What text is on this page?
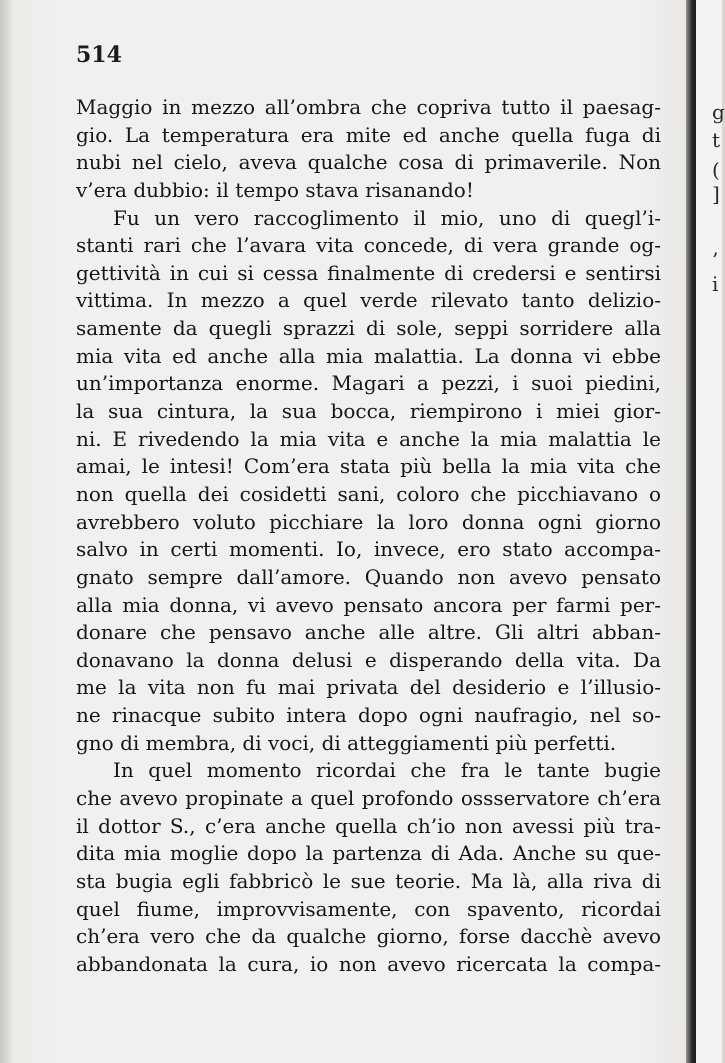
514
Maggio in mezzo all’ombra che copriva tutto il paesag-
gio. La temperatura era mite ed anche quella fuga di
nubi nel cielo, aveva qualche cosa di primaverile. Non
v’era dubbio: il tempo stava risanando!
Fu un vero raccoglimento il mio, uno di quegl’i-
stanti rari che l’avara vita concede, di vera grande og-
gettività in cui si cessa finalmente di credersi e sentirsi
vittima. In mezzo a quel verde rilevato tanto delizio-
samente da quegli sprazzi di sole, seppi sorridere alla
mia vita ed anche alla mia malattia. La donna vi ebbe
un’importanza enorme. Magari a pezzi, i suoi piedini,
la sua cintura, la sua bocca, riempirono i miei gior-
ni. E rivedendo la mia vita e anche la mia malattia le
amai, le intesi! Com’era stata più bella la mia vita che
non quella dei cosidetti sani, coloro che picchiavano o
avrebbero voluto picchiare la loro donna ogni giorno
salvo in certi momenti. Io, invece, ero stato accompa-
gnato sempre dall’amore. Quando non avevo pensato
alla mia donna, vi avevo pensato ancora per farmi per-
donare che pensavo anche alle altre. Gli altri abban-
donavano la donna delusi e disperando della vita. Da
me la vita non fu mai privata del desiderio e l’illusio-
ne rinacque subito intera dopo ogni naufragio, nel so-
gno di membra, di voci, di atteggiamenti più perfetti.
In quel momento ricordai che fra le tante bugie
che avevo propinate a quel profondo ossservatore ch’era
il dottor S., c’era anche quella ch’io non avessi più tra-
dita mia moglie dopo la partenza di Ada. Anche su que-
sta bugia egli fabbricò le sue teorie. Ma là, alla riva di
quel fiume, improvvisamente, con spavento, ricordai
ch’era vero che da qualche giorno, forse dacchè avevo
abbandonata la cura, io non avevo ricercata la compa-
g
t
(
]
’
i
